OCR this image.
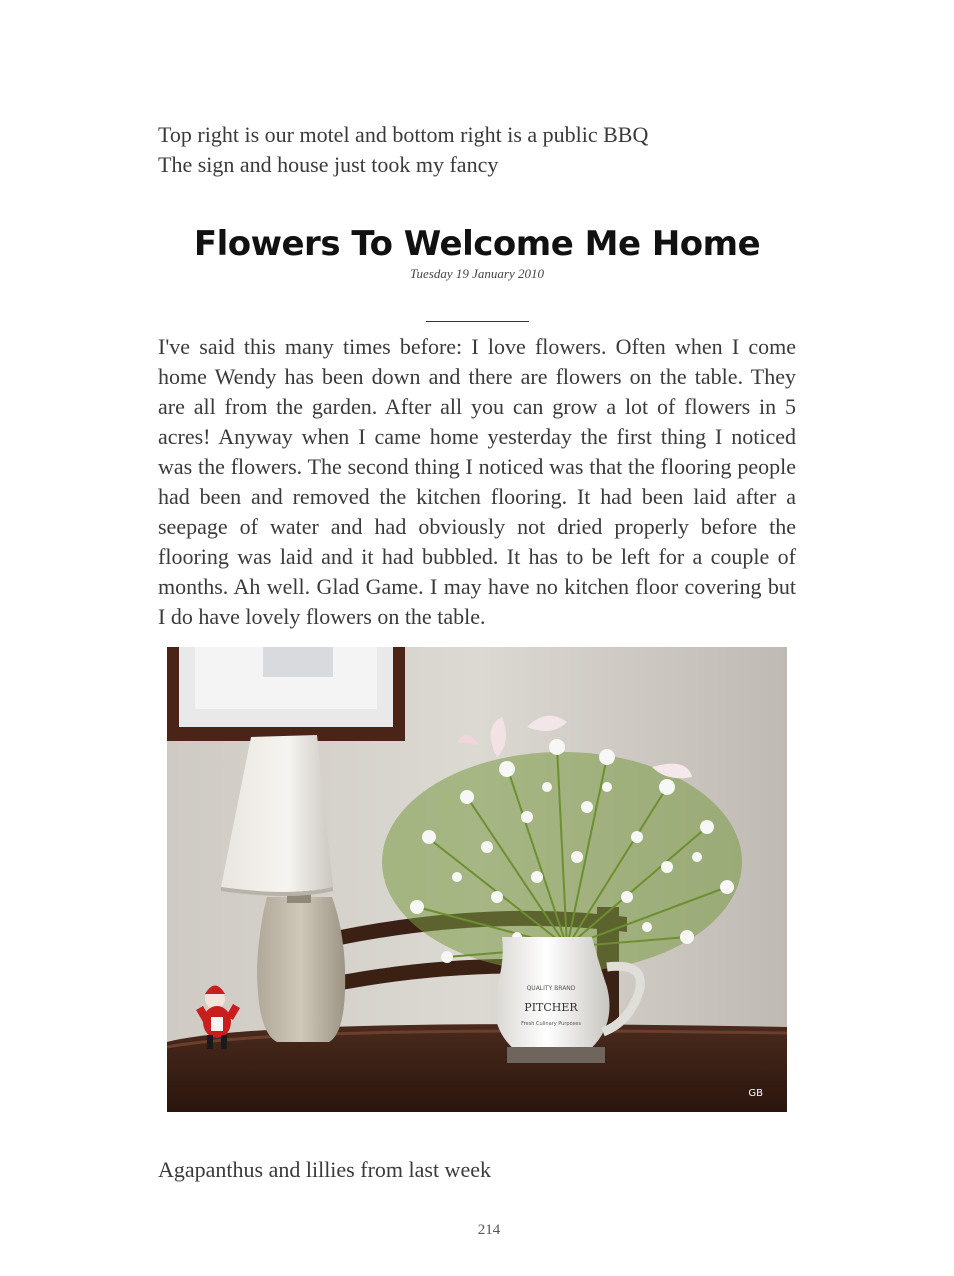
Top right is our motel and bottom right is a public BBQ
The sign and house just took my fancy
Flowers To Welcome Me Home
Tuesday 19 January 2010
I've said this many times before: I love flowers. Often when I come home Wendy has been down and there are flowers on the table. They are all from the garden. After all you can grow a lot of flowers in 5 acres! Anyway when I came home yesterday the first thing I noticed was the flowers. The second thing I noticed was that the flooring people had been and removed the kitchen flooring. It had been laid after a seepage of water and had obviously not dried properly before the flooring was laid and it had bubbled. It has to be left for a couple of months. Ah well. Glad Game. I may have no kitchen floor covering but I do have lovely flowers on the table.
QUALITY BRAND
PITCHER
Fresh Culinary Purposes
GB
Agapanthus and lillies from last week
214
